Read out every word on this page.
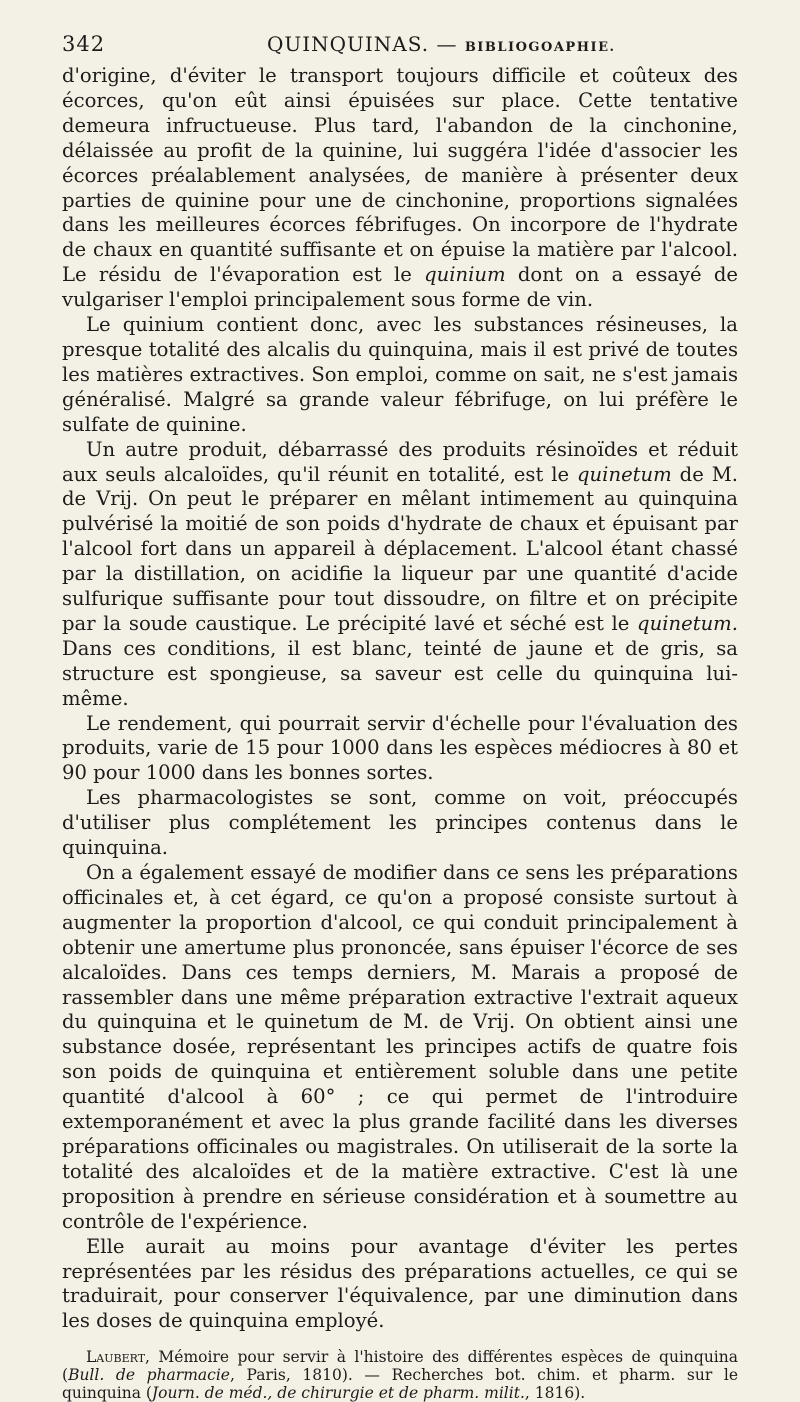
342	QUINQUINAS. — BIBLIOGOAPHIE.

d'origine, d'éviter le transport toujours difficile et coûteux des écorces, qu'on eût ainsi épuisées sur place. Cette tentative demeura infructueuse. Plus tard, l'abandon de la cinchonine, délaissée au profit de la quinine, lui suggéra l'idée d'associer les écorces préalablement analysées, de manière à présenter deux parties de quinine pour une de cinchonine, proportions signalées dans les meilleures écorces fébrifuges. On incorpore de l'hydrate de chaux en quantité suffisante et on épuise la matière par l'alcool. Le résidu de l'évaporation est le quinium dont on a essayé de vulgariser l'emploi principalement sous forme de vin.

Le quinium contient donc, avec les substances résineuses, la presque totalité des alcalis du quinquina, mais il est privé de toutes les matières extractives. Son emploi, comme on sait, ne s'est jamais généralisé. Malgré sa grande valeur fébrifuge, on lui préfère le sulfate de quinine.

Un autre produit, débarrassé des produits résinoïdes et réduit aux seuls alcaloïdes, qu'il réunit en totalité, est le quinetum de M. de Vrij. On peut le préparer en mêlant intimement au quinquina pulvérisé la moitié de son poids d'hydrate de chaux et épuisant par l'alcool fort dans un appareil à déplacement. L'alcool étant chassé par la distillation, on acidifie la liqueur par une quantité d'acide sulfurique suffisante pour tout dissoudre, on filtre et on précipite par la soude caustique. Le précipité lavé et séché est le quinetum. Dans ces conditions, il est blanc, teinté de jaune et de gris, sa structure est spongieuse, sa saveur est celle du quinquina lui-même.

Le rendement, qui pourrait servir d'échelle pour l'évaluation des produits, varie de 15 pour 1000 dans les espèces médiocres à 80 et 90 pour 1000 dans les bonnes sortes.

Les pharmacologistes se sont, comme on voit, préoccupés d'utiliser plus complétement les principes contenus dans le quinquina.

On a également essayé de modifier dans ce sens les préparations officinales et, à cet égard, ce qu'on a proposé consiste surtout à augmenter la proportion d'alcool, ce qui conduit principalement à obtenir une amertume plus prononcée, sans épuiser l'écorce de ses alcaloïdes. Dans ces temps derniers, M. Marais a proposé de rassembler dans une même préparation extractive l'extrait aqueux du quinquina et le quinetum de M. de Vrij. On obtient ainsi une substance dosée, représentant les principes actifs de quatre fois son poids de quinquina et entièrement soluble dans une petite quantité d'alcool à 60° ; ce qui permet de l'introduire extemporanément et avec la plus grande facilité dans les diverses préparations officinales ou magistrales. On utiliserait de la sorte la totalité des alcaloïdes et de la matière extractive. C'est là une proposition à prendre en sérieuse considération et à soumettre au contrôle de l'expérience.

Elle aurait au moins pour avantage d'éviter les pertes représentées par les résidus des préparations actuelles, ce qui se traduirait, pour conserver l'équivalence, par une diminution dans les doses de quinquina employé.

Laubert, Mémoire pour servir à l'histoire des différentes espèces de quinquina (Bull. de pharmacie, Paris, 1810). — Recherches bot. chim. et pharm. sur le quinquina (Journ. de méd., de chirurgie et de pharm. milit., 1816).
